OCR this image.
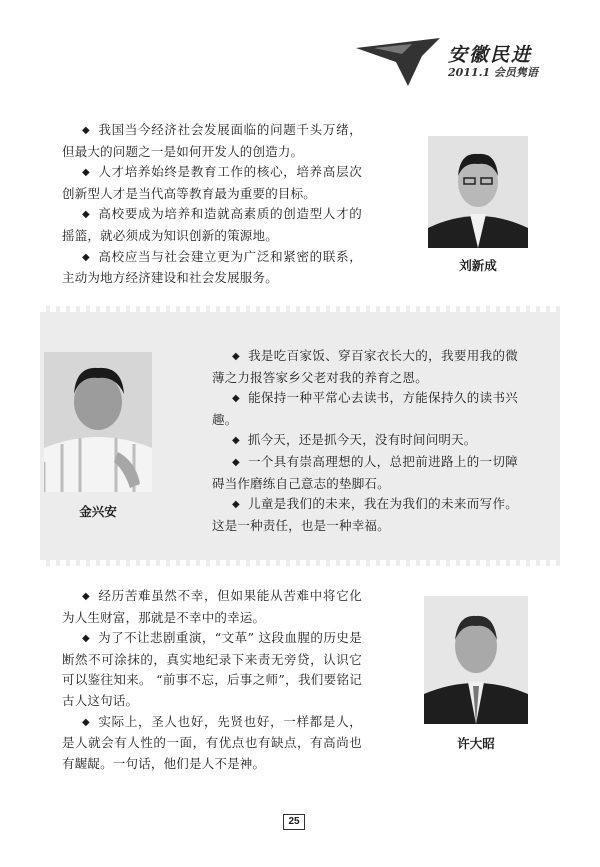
安徽民进
2011.1 会员隽语

◆ 我国当今经济社会发展面临的问题千头万绪，但最大的问题之一是如何开发人的创造力。

◆ 人才培养始终是教育工作的核心，培养高层次创新型人才是当代高等教育最为重要的目标。

◆ 高校要成为培养和造就高素质的创造型人才的摇篮，就必须成为知识创新的策源地。

◆ 高校应当与社会建立更为广泛和紧密的联系，主动为地方经济建设和社会发展服务。

刘新成
金兴安

◆ 我是吃百家饭、穿百家衣长大的，我要用我的微薄之力报答家乡父老对我的养育之恩。

◆ 能保持一种平常心去读书，方能保持久的读书兴趣。

◆ 抓今天，还是抓今天，没有时间问明天。

◆ 一个具有崇高理想的人，总把前进路上的一切障碍当作磨练自己意志的垫脚石。

◆ 儿童是我们的未来，我在为我们的未来而写作。这是一种责任，也是一种幸福。

◆ 经历苦难虽然不幸，但如果能从苦难中将它化为人生财富，那就是不幸中的幸运。

◆ 为了不让悲剧重演，“文革” 这段血腥的历史是断然不可涂抹的，真实地纪录下来责无旁贷，认识它可以鉴往知来。 “前事不忘，后事之师”，我们要铭记古人这句话。

◆ 实际上，圣人也好，先贤也好，一样都是人，是人就会有人性的一面，有优点也有缺点，有高尚也有龌龊。一句话，他们是人不是神。

许大昭
25
